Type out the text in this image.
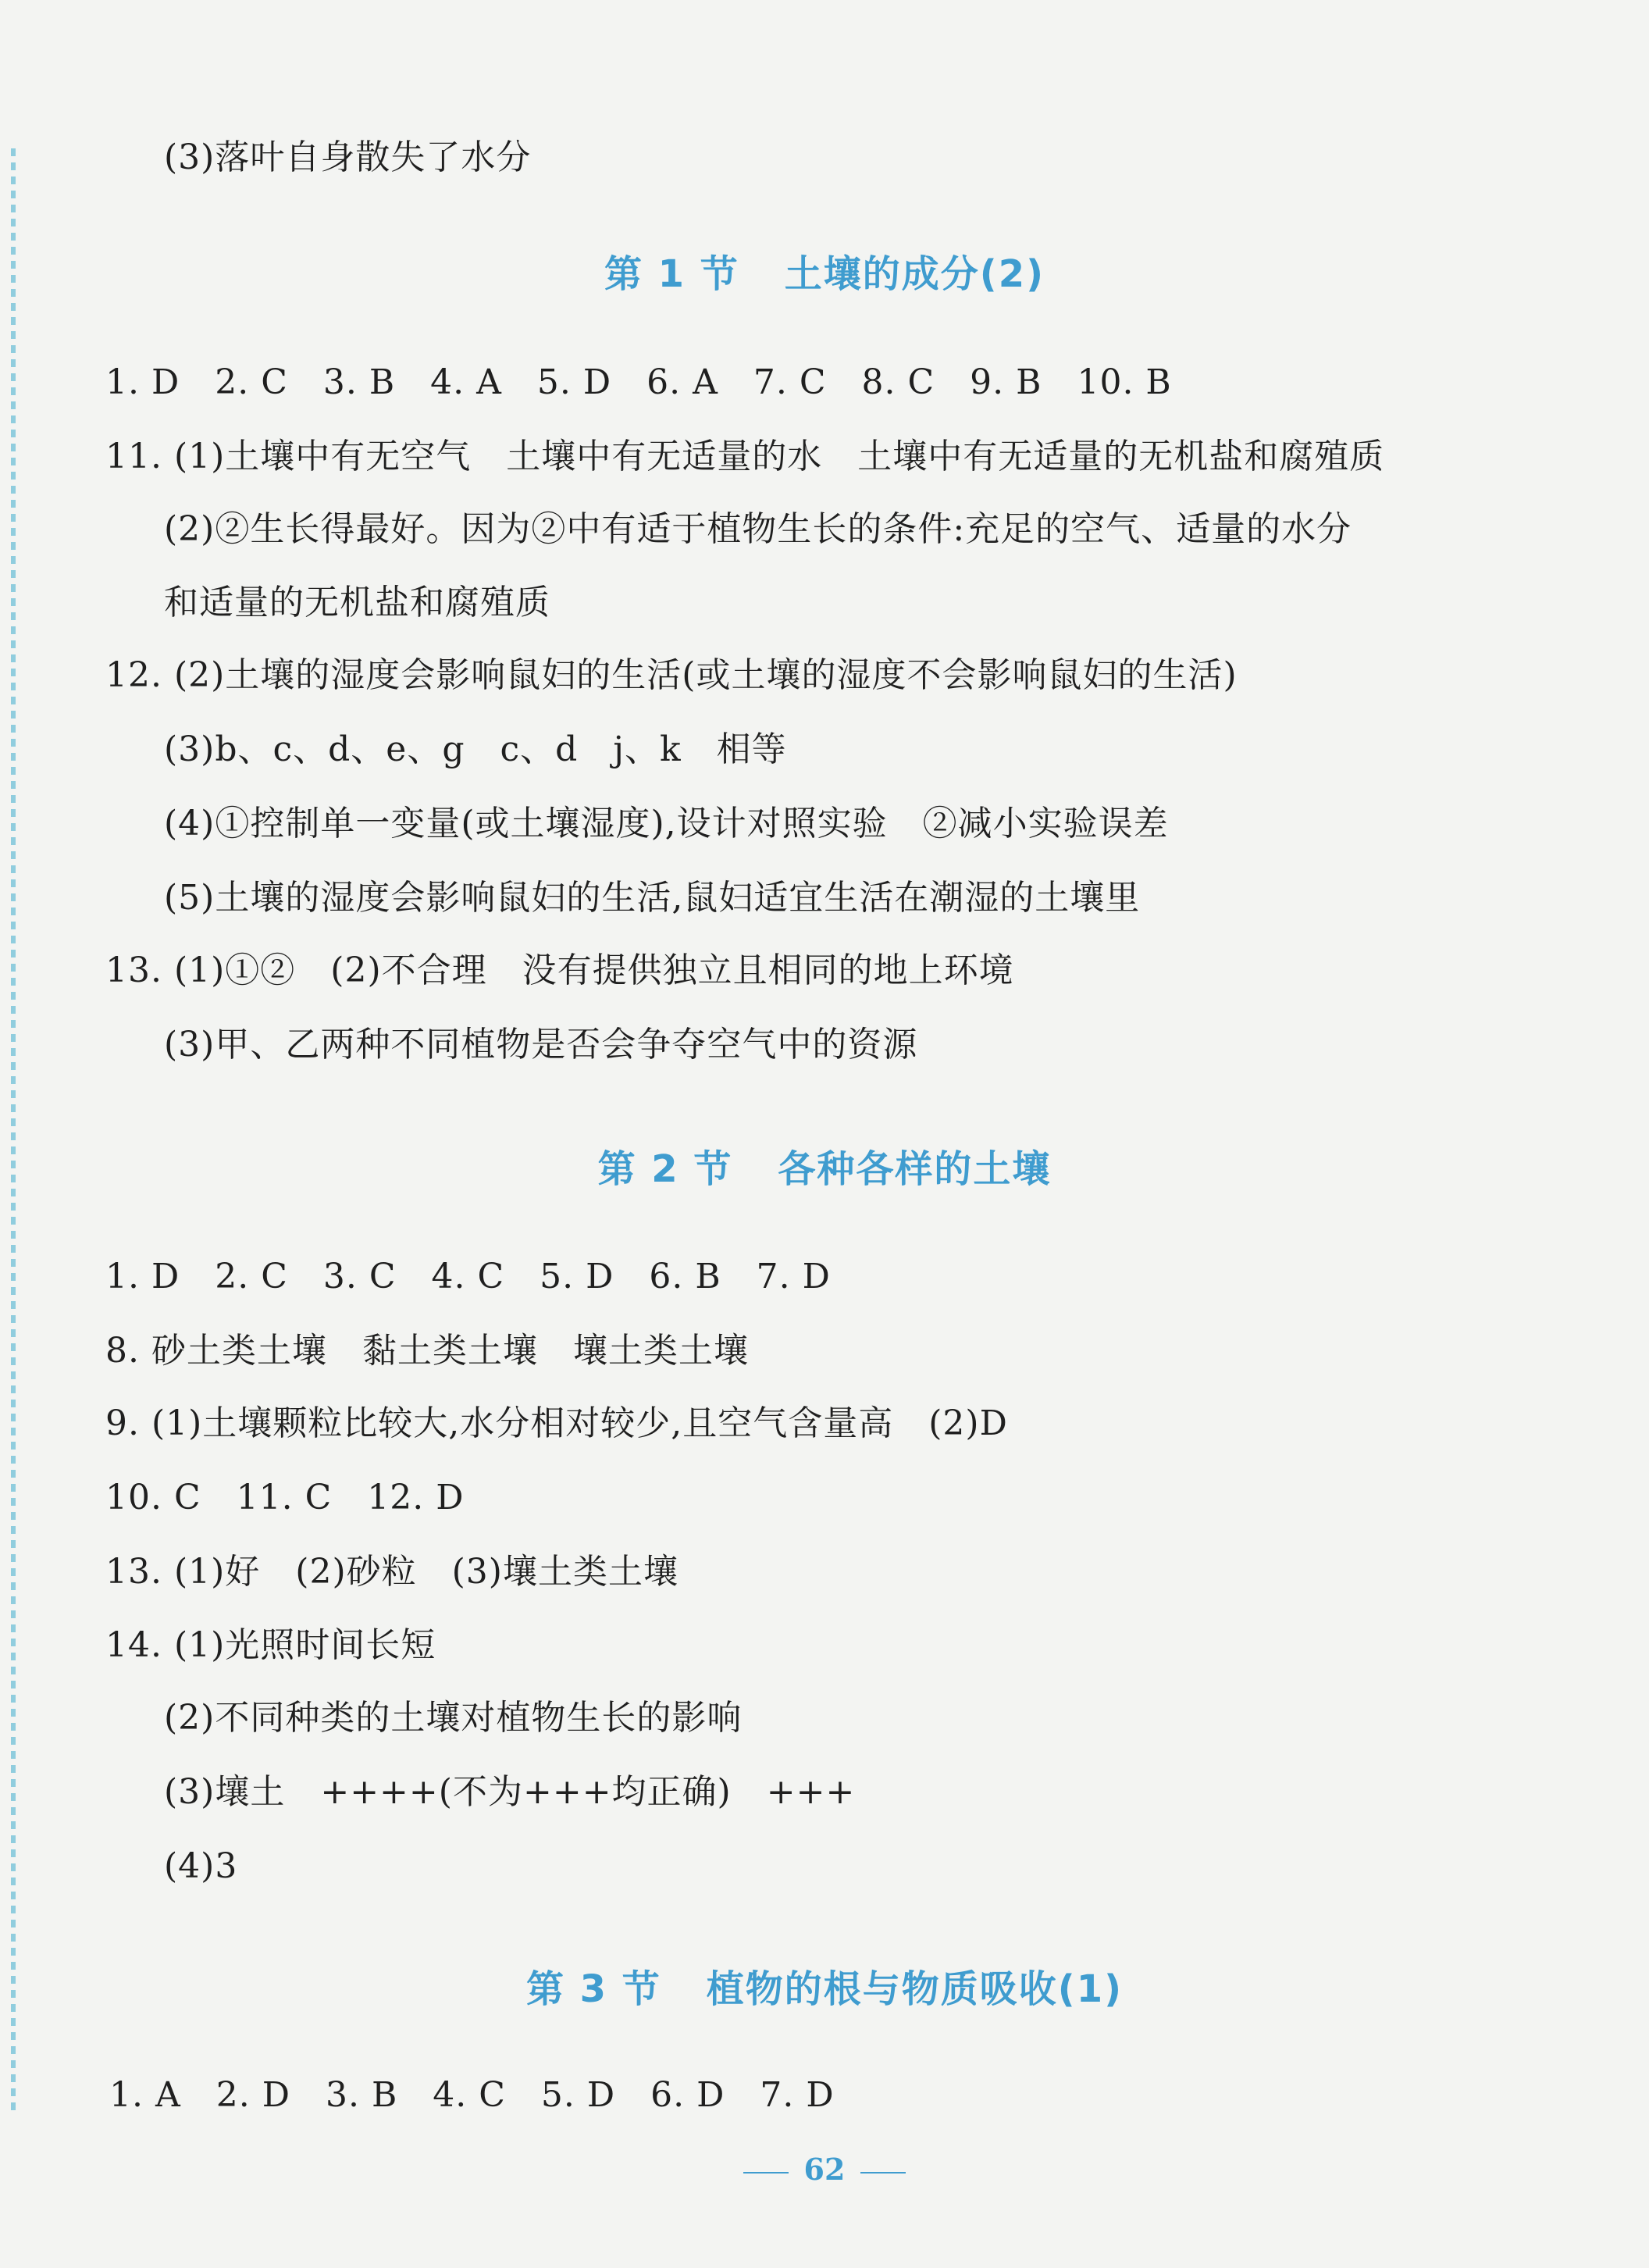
(3)落叶自身散失了水分
第 1 节 土壤的成分(2)
1. D　2. C　3. B　4. A　5. D　6. A　7. C　8. C　9. B　10. B
11. (1)土壤中有无空气　土壤中有无适量的水　土壤中有无适量的无机盐和腐殖质
(2)②生长得最好。因为②中有适于植物生长的条件:充足的空气、适量的水分
和适量的无机盐和腐殖质
12. (2)土壤的湿度会影响鼠妇的生活(或土壤的湿度不会影响鼠妇的生活)
(3)b、c、d、e、g　c、d　j、k　相等
(4)①控制单一变量(或土壤湿度),设计对照实验　②减小实验误差
(5)土壤的湿度会影响鼠妇的生活,鼠妇适宜生活在潮湿的土壤里
13. (1)①②　(2)不合理　没有提供独立且相同的地上环境
(3)甲、乙两种不同植物是否会争夺空气中的资源
第 2 节 各种各样的土壤
1. D　2. C　3. C　4. C　5. D　6. B　7. D
8. 砂土类土壤　黏土类土壤　壤土类土壤
9. (1)土壤颗粒比较大,水分相对较少,且空气含量高　(2)D
10. C　11. C　12. D
13. (1)好　(2)砂粒　(3)壤土类土壤
14. (1)光照时间长短
(2)不同种类的土壤对植物生长的影响
(3)壤土　++++(不为+++均正确)　+++
(4)3
第 3 节 植物的根与物质吸收(1)
1. A　2. D　3. B　4. C　5. D　6. D　7. D
62
